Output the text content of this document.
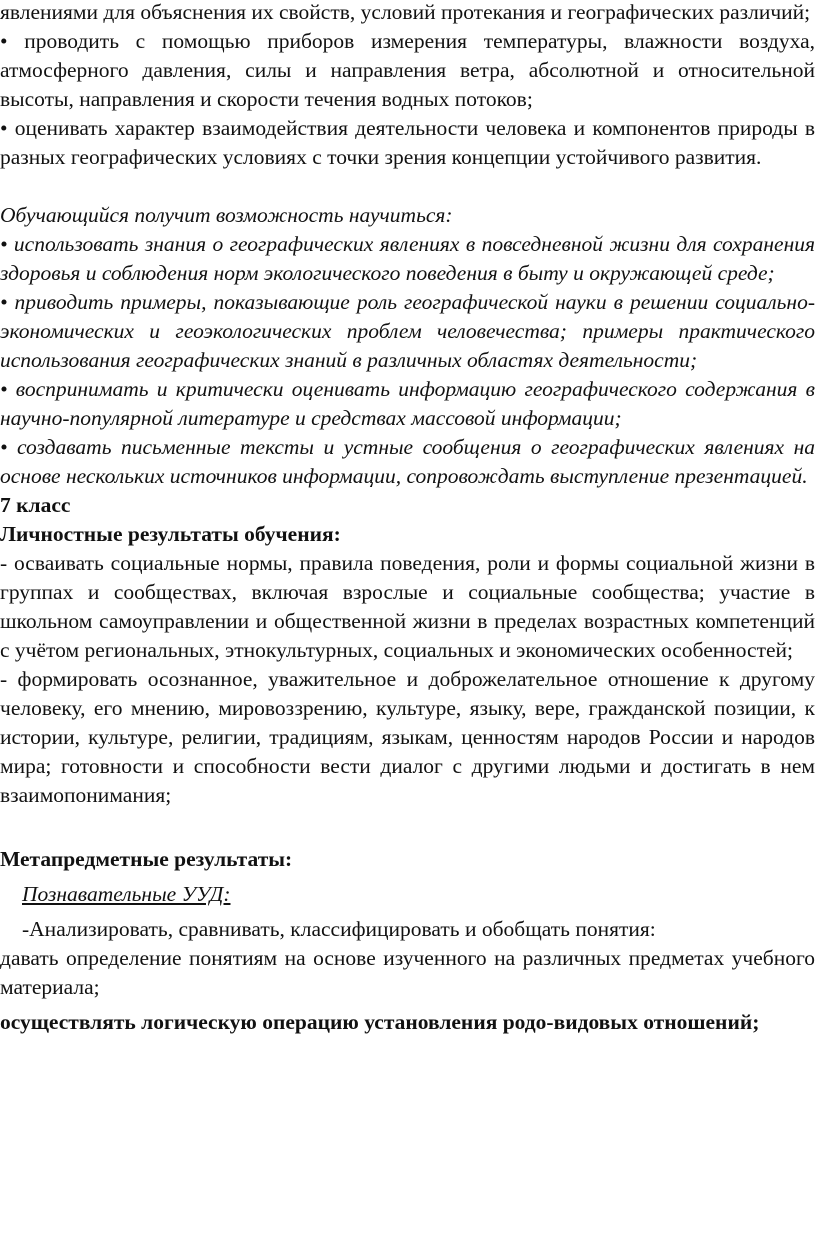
явлениями для объяснения их свойств, условий протекания и географических различий;

• проводить с помощью приборов измерения температуры, влажности воздуха, атмосферного давления, силы и направления ветра, абсолютной и относительной высоты, направления и скорости течения водных потоков;

• оценивать характер взаимодействия деятельности человека и компонентов природы в разных географических условиях с точки зрения концепции устойчивого развития.

Обучающийся получит возможность научиться:

• использовать знания о географических явлениях в повседневной жизни для сохранения здоровья и соблюдения норм экологического поведения в быту и окружающей среде;

• приводить примеры, показывающие роль географической науки в решении социально-экономических и геоэкологических проблем человечества; примеры практического использования географических знаний в различных областях деятельности;

• воспринимать и критически оценивать информацию географического содержания в научно-популярной литературе и средствах массовой информации;

• создавать письменные тексты и устные сообщения о географических явлениях на основе нескольких источников информации, сопровождать выступление презентацией.

7 класс

Личностные результаты обучения:

- осваивать социальные нормы, правила поведения, роли и формы социальной жизни в группах и сообществах, включая взрослые и социальные сообщества; участие в школьном самоуправлении и общественной жизни в пределах возрастных компетенций с учётом региональных, этнокультурных, социальных и экономических особенностей;

- формировать осознанное, уважительное и доброжелательное отношение к другому человеку, его мнению, мировоззрению, культуре, языку, вере, гражданской позиции, к истории, культуре, религии, традициям, языкам, ценностям народов России и народов мира; готовности и способности вести диалог с другими людьми и достигать в нем взаимопонимания;

Метапредметные результаты:

Познавательные УУД:

-Анализировать, сравнивать, классифицировать и обобщать понятия:

давать определение понятиям на основе изученного на различных предметах учебного материала;

осуществлять логическую операцию установления родо-видовых отношений;
